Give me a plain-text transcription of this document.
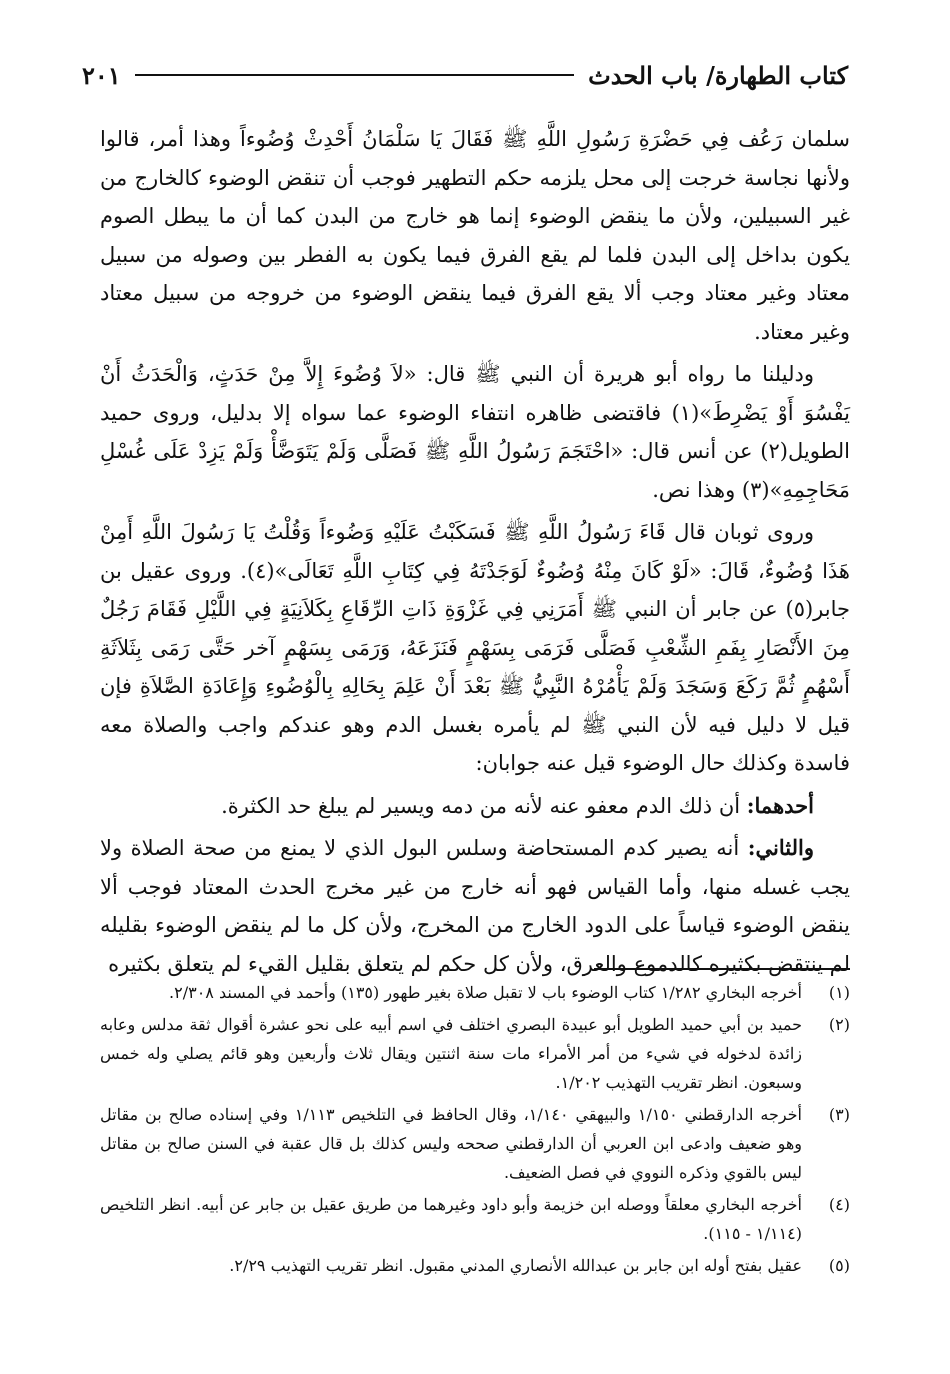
كتاب الطهارة/ باب الحدث
٢٠١

سلمان رَعُف فِي حَضْرَةِ رَسُولِ اللَّهِ ﷺ فَقَالَ يَا سَلْمَانُ أَحْدِثْ وُضُوءاً وهذا أمر، قالوا ولأنها نجاسة خرجت إلى محل يلزمه حكم التطهير فوجب أن تنقض الوضوء كالخارج من غير السبيلين، ولأن ما ينقض الوضوء إنما هو خارج من البدن كما أن ما يبطل الصوم يكون بداخل إلى البدن فلما لم يقع الفرق فيما يكون به الفطر بين وصوله من سبيل معتاد وغير معتاد وجب ألا يقع الفرق فيما ينقض الوضوء من خروجه من سبيل معتاد وغير معتاد.

ودليلنا ما رواه أبو هريرة أن النبي ﷺ قال: «لاَ وُضُوءَ إِلاَّ مِنْ حَدَثٍ، وَالْحَدَثُ أَنْ يَفْسُوَ أَوْ يَضْرِطَ»(١) فاقتضى ظاهره انتفاء الوضوء عما سواه إلا بدليل، وروى حميد الطويل(٢) عن أنس قال: «احْتَجَمَ رَسُولُ اللَّهِ ﷺ فَصَلَّى وَلَمْ يَتَوَضَّأْ وَلَمْ يَزِدْ عَلَى غُسْلِ مَحَاجِمِهِ»(٣) وهذا نص.

وروى ثوبان قال قَاءَ رَسُولُ اللَّهِ ﷺ فَسَكَبْتُ عَلَيْهِ وَضُوءاً وَقُلْتُ يَا رَسُولَ اللَّهِ أَمِنْ هَذَا وُضُوءٌ، قَالَ: «لَوْ كَانَ مِنْهُ وُضُوءٌ لَوَجَدْتَهُ فِي كِتَابِ اللَّهِ تَعَالَى»(٤). وروى عقيل بن جابر(٥) عن جابر أن النبي ﷺ أَمَرَنِي فِي غَزْوَةِ ذَاتِ الرِّقَاعِ بِكَلاَنِيَةٍ فِي اللَّيْلِ فَقَامَ رَجُلٌ مِنَ الأَنْصَارِ بِفَمِ الشِّعْبِ فَصَلَّى فَرَمَى بِسَهْمٍ فَنَزَعَهُ، وَرَمَى بِسَهْمٍ آخر حَتَّى رَمَى بِثَلاَثَةِ أَسْهُمٍ ثُمَّ رَكَعَ وَسَجَدَ وَلَمْ يَأْمُرْهُ النَّبِيُّ ﷺ بَعْدَ أَنْ عَلِمَ بِحَالِهِ بِالْوُضُوءِ وَإِعَادَةِ الصَّلاَةِ فإن قيل لا دليل فيه لأن النبي ﷺ لم يأمره بغسل الدم وهو عندكم واجب والصلاة معه فاسدة وكذلك حال الوضوء قيل عنه جوابان:

أحدهما: أن ذلك الدم معفو عنه لأنه من دمه ويسير لم يبلغ حد الكثرة.

والثاني: أنه يصير كدم المستحاضة وسلس البول الذي لا يمنع من صحة الصلاة ولا يجب غسله منها، وأما القياس فهو أنه خارج من غير مخرج الحدث المعتاد فوجب ألا ينقض الوضوء قياساً على الدود الخارج من المخرج، ولأن كل ما لم ينقض الوضوء بقليله لم ينتقض بكثيره كالدموع والعرق، ولأن كل حكم لم يتعلق بقليل القيء لم يتعلق بكثيره

(١)
أخرجه البخاري ١/٢٨٢ كتاب الوضوء باب لا تقبل صلاة بغير طهور (١٣٥) وأحمد في المسند ٢/٣٠٨.
(٢)
حميد بن أبي حميد الطويل أبو عبيدة البصري اختلف في اسم أبيه على نحو عشرة أقوال ثقة مدلس وعابه زائدة لدخوله في شيء من أمر الأمراء مات سنة اثنتين ويقال ثلاث وأربعين وهو قائم يصلي وله خمس وسبعون. انظر تقريب التهذيب ١/٢٠٢.
(٣)
أخرجه الدارقطني ١/١٥٠ والبيهقي ١/١٤٠، وقال الحافظ في التلخيص ١/١١٣ وفي إسناده صالح بن مقاتل وهو ضعيف وادعى ابن العربي أن الدارقطني صححه وليس كذلك بل قال عقبة في السنن صالح بن مقاتل ليس بالقوي وذكره النووي في فصل الضعيف.
(٤)
أخرجه البخاري معلقاً ووصله ابن خزيمة وأبو داود وغيرهما من طريق عقيل بن جابر عن أبيه. انظر التلخيص (١/١١٤ - ١١٥).
(٥)
عقيل بفتح أوله ابن جابر بن عبدالله الأنصاري المدني مقبول. انظر تقريب التهذيب ٢/٢٩.
